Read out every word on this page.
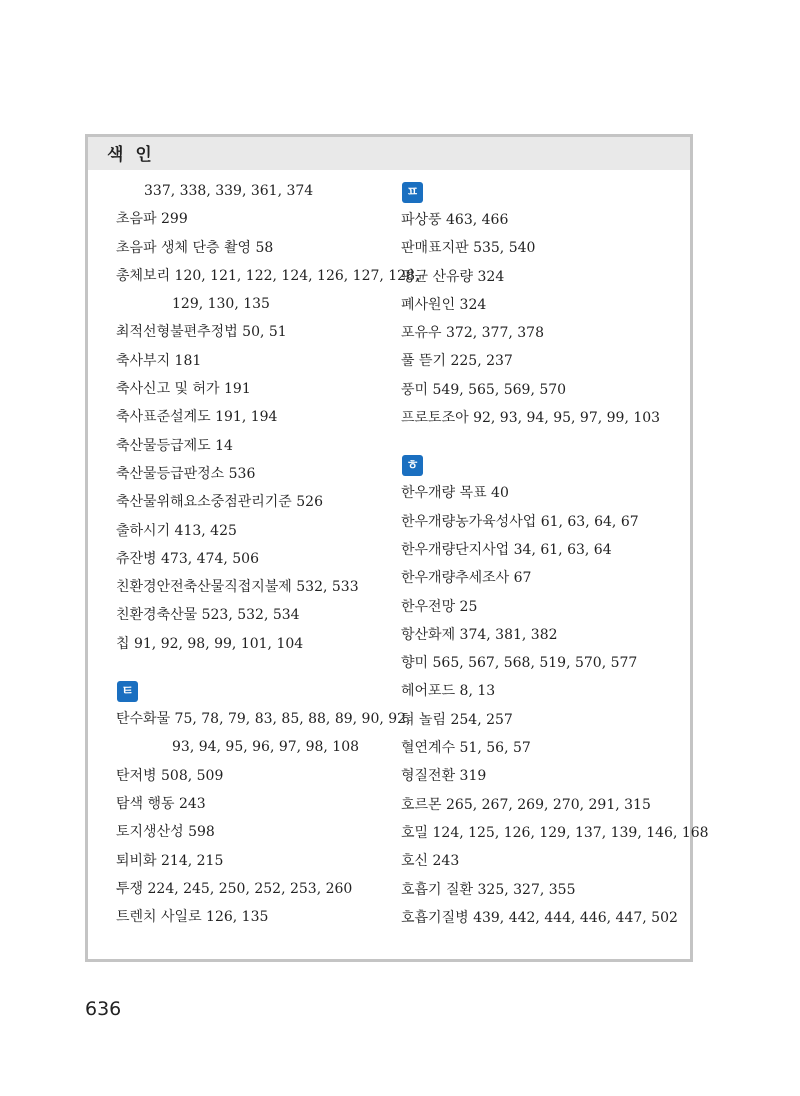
색 인
337, 338, 339, 361, 374
초음파 299
초음파 생체 단층 촬영 58
총체보리 120, 121, 122, 124, 126, 127, 128,
129, 130, 135
최적선형불편추정법 50, 51
축사부지 181
축사신고 및 허가 191
축사표준설계도 191, 194
축산물등급제도 14
축산물등급판정소 536
축산물위해요소중점관리기준 526
출하시기 413, 425
츄잔병 473, 474, 506
친환경안전축산물직접지불제 532, 533
친환경축산물 523, 532, 534
칩 91, 92, 98, 99, 101, 104
ㅌ
탄수화물 75, 78, 79, 83, 85, 88, 89, 90, 92,
93, 94, 95, 96, 97, 98, 108
탄저병 508, 509
탐색 행동 243
토지생산성 598
퇴비화 214, 215
투쟁 224, 245, 250, 252, 253, 260
트렌치 사일로 126, 135
ㅍ
파상풍 463, 466
판매표지판 535, 540
평균 산유량 324
폐사원인 324
포유우 372, 377, 378
풀 뜯기 225, 237
풍미 549, 565, 569, 570
프로토조아 92, 93, 94, 95, 97, 99, 103
ㅎ
한우개량 목표 40
한우개량농가육성사업 61, 63, 64, 67
한우개량단지사업 34, 61, 63, 64
한우개량추세조사 67
한우전망 25
항산화제 374, 381, 382
향미 565, 567, 568, 519, 570, 577
헤어포드 8, 13
혀 놀림 254, 257
혈연계수 51, 56, 57
형질전환 319
호르몬 265, 267, 269, 270, 291, 315
호밀 124, 125, 126, 129, 137, 139, 146, 168
호신 243
호흡기 질환 325, 327, 355
호흡기질병 439, 442, 444, 446, 447, 502
636
